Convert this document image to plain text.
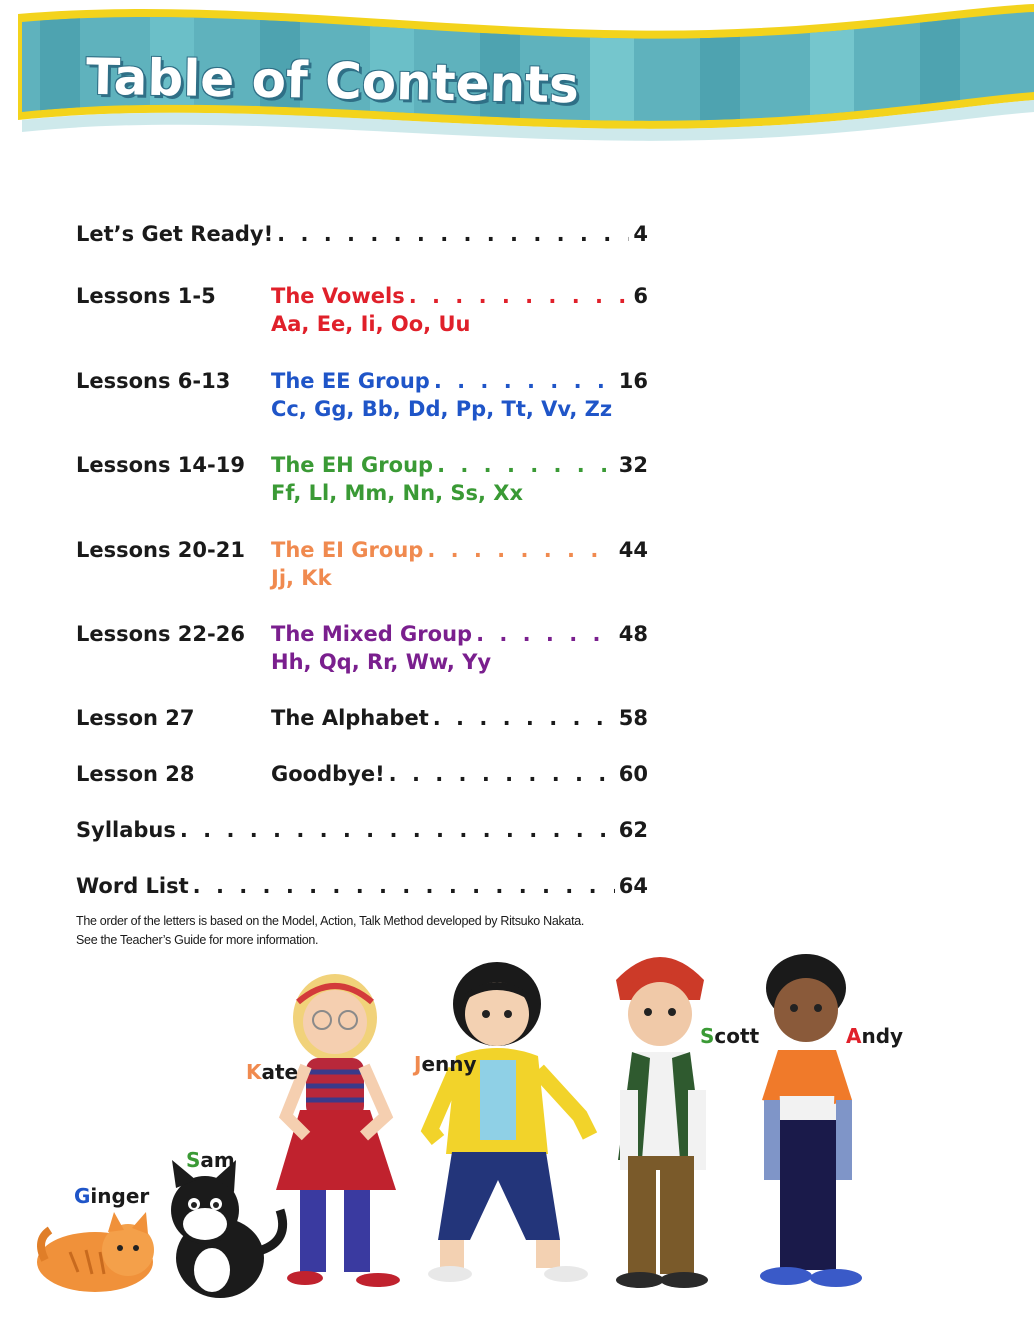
Table of Contents
Let’s Get Ready! . . .	4
Lessons 1-5	The Vowels . . .	6
Aa, Ee, Ii, Oo, Uu
Lessons 6-13 The EE Group . . .	16
Cc, Gg, Bb, Dd, Pp, Tt, Vv, Zz
Lessons 14-19 The EH Group . . .	32
Ff, Ll, Mm, Nn, Ss, Xx
Lessons 20-21 The EI Group . . .	44
Jj, Kk
Lessons 22-26 The Mixed Group . . .	48
Hh, Qq, Rr, Ww, Yy
Lesson 27	The Alphabet . . .	58
Lesson 28	Goodbye! . . .	60
Syllabus . . .	62
Word List . . .	64
The order of the letters is based on the Model, Action, Talk Method developed by Ritsuko Nakata.
See the Teacher’s Guide for more information.
Ginger
Sam
Kate	Jenny
Scott	Andy
